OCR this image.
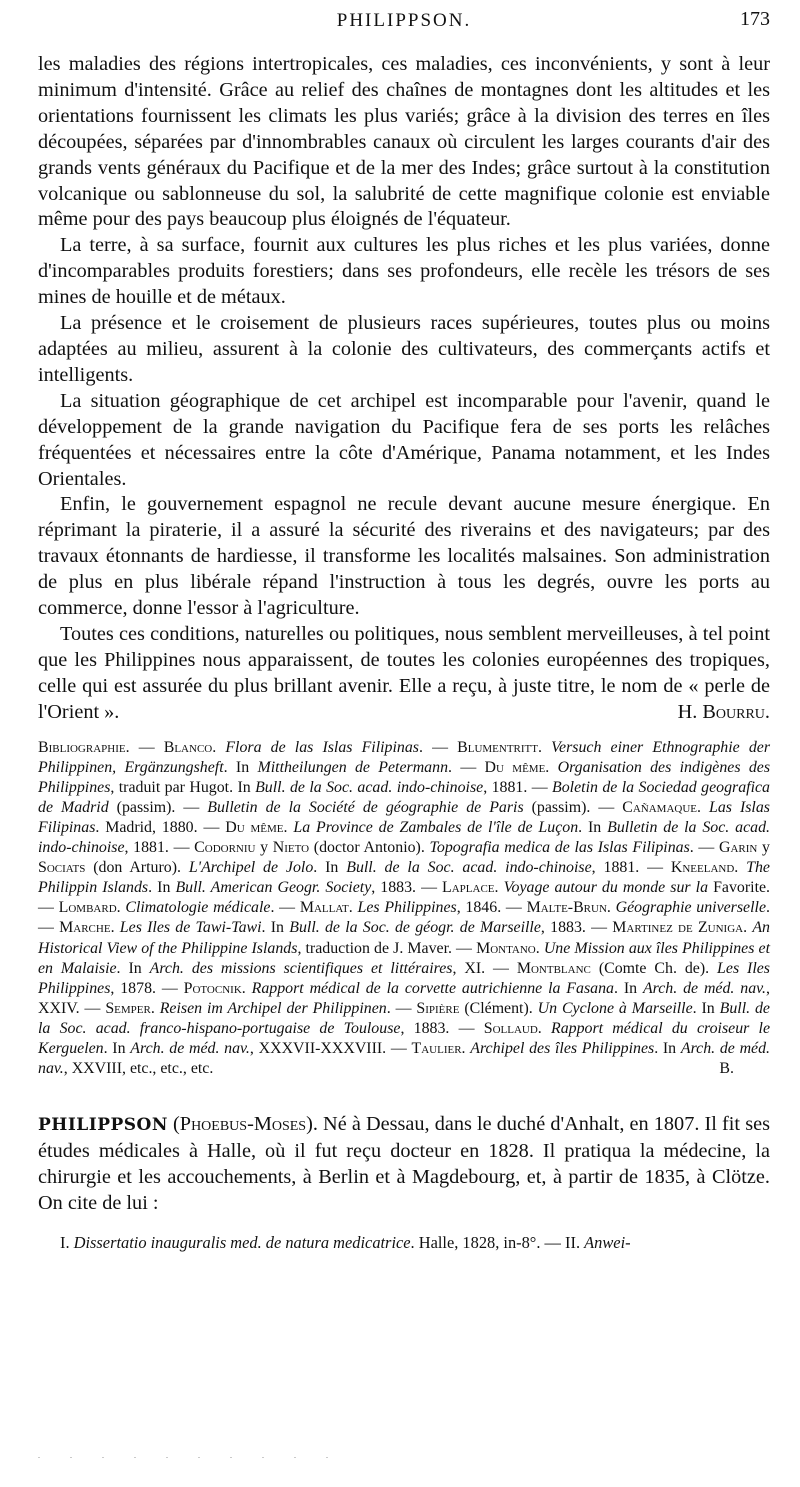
PHILIPPSON.	173

les maladies des régions intertropicales, ces maladies, ces inconvénients, y sont à leur minimum d'intensité. Grâce au relief des chaînes de montagnes dont les altitudes et les orientations fournissent les climats les plus variés; grâce à la division des terres en îles découpées, séparées par d'innombrables canaux où circulent les larges courants d'air des grands vents généraux du Pacifique et de la mer des Indes; grâce surtout à la constitution volcanique ou sablonneuse du sol, la salubrité de cette magnifique colonie est enviable même pour des pays beaucoup plus éloignés de l'équateur.

La terre, à sa surface, fournit aux cultures les plus riches et les plus variées, donne d'incomparables produits forestiers; dans ses profondeurs, elle recèle les trésors de ses mines de houille et de métaux.

La présence et le croisement de plusieurs races supérieures, toutes plus ou moins adaptées au milieu, assurent à la colonie des cultivateurs, des commerçants actifs et intelligents.

La situation géographique de cet archipel est incomparable pour l'avenir, quand le développement de la grande navigation du Pacifique fera de ses ports les relâches fréquentées et nécessaires entre la côte d'Amérique, Panama notamment, et les Indes Orientales.

Enfin, le gouvernement espagnol ne recule devant aucune mesure énergique. En réprimant la piraterie, il a assuré la sécurité des riverains et des navigateurs; par des travaux étonnants de hardiesse, il transforme les localités malsaines. Son administration de plus en plus libérale répand l'instruction à tous les degrés, ouvre les ports au commerce, donne l'essor à l'agriculture.

Toutes ces conditions, naturelles ou politiques, nous semblent merveilleuses, à tel point que les Philippines nous apparaissent, de toutes les colonies européennes des tropiques, celle qui est assurée du plus brillant avenir. Elle a reçu, à juste titre, le nom de « perle de l'Orient ».	H. Bourru.

Bibliographie. — Blanco. Flora de las Islas Filipinas. — Blumentritt. Versuch einer Ethnographie der Philippinen, Ergänzungsheft. In Mittheilungen de Petermann. — Du même. Organisation des indigènes des Philippines, traduit par Hugot. In Bull. de la Soc. acad. indo-chinoise, 1881. — Boletin de la Sociedad geografica de Madrid (passim). — Bulletin de la Société de géographie de Paris (passim). — Cañamaque. Las Islas Filipinas. Madrid, 1880. — Du même. La Province de Zambales de l'île de Luçon. In Bulletin de la Soc. acad. indo-chinoise, 1881. — Codorniu y Nieto (doctor Antonio). Topografia medica de las Islas Filipinas. — Garin y Sociats (don Arturo). L'Archipel de Jolo. In Bull. de la Soc. acad. indo-chinoise, 1881. — Kneeland. The Philippin Islands. In Bull. American Geogr. Society, 1883. — Laplace. Voyage autour du monde sur la Favorite. — Lombard. Climatologie médicale. — Mallat. Les Philippines, 1846. — Malte-Brun. Géographie universelle. — Marche. Les Iles de Tawi-Tawi. In Bull. de la Soc. de géogr. de Marseille, 1883. — Martinez de Zuniga. An Historical View of the Philippine Islands, traduction de J. Maver. — Montano. Une Mission aux îles Philippines et en Malaisie. In Arch. des missions scientifiques et littéraires, XI. — Montblanc (Comte Ch. de). Les Iles Philippines, 1878. — Potocnik. Rapport médical de la corvette autrichienne la Fasana. In Arch. de méd. nav., XXIV. — Semper. Reisen im Archipel der Philippinen. — Sipière (Clément). Un Cyclone à Marseille. In Bull. de la Soc. acad. franco-hispano-portugaise de Toulouse, 1883. — Sollaud. Rapport médical du croiseur le Kerguelen. In Arch. de méd. nav., XXXVII-XXXVIII. — Taulier. Archipel des îles Philippines. In Arch. de méd. nav., XXVIII, etc., etc., etc.	B.
PHILIPPSON (Phoebus-Moses). Né à Dessau, dans le duché d'Anhalt, en 1807. Il fit ses études médicales à Halle, où il fut reçu docteur en 1828. Il pratiqua la médecine, la chirurgie et les accouchements, à Berlin et à Magdebourg, et, à partir de 1835, à Clötze. On cite de lui :
I. Dissertatio inauguralis med. de natura medicatrice. Halle, 1828, in-8°. — II. Anwei-
. . . . . . . . . .
